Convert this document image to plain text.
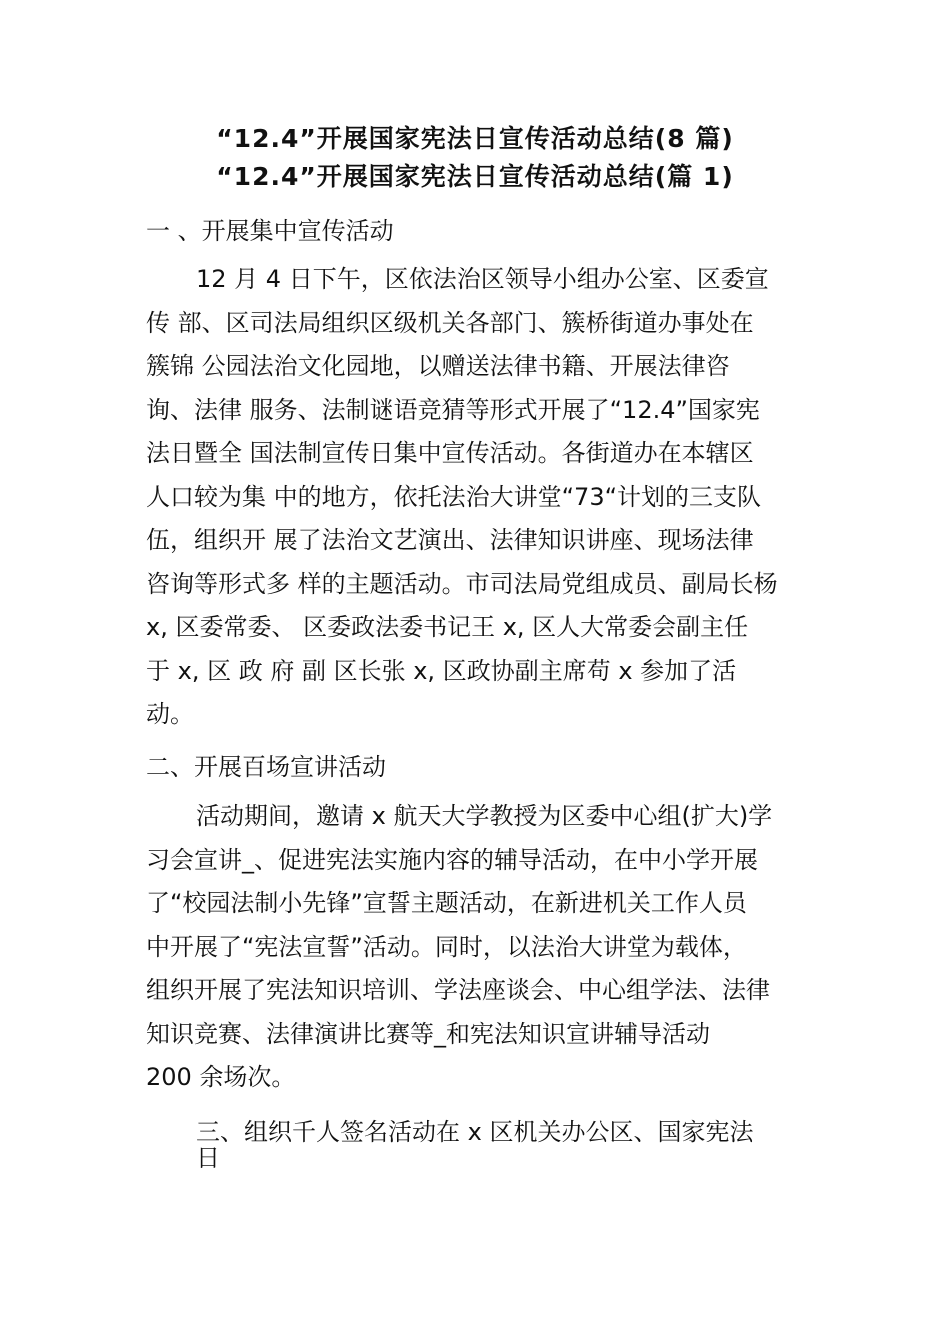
“12.4”开展国家宪法日宣传活动总结(8 篇)
“12.4”开展国家宪法日宣传活动总结(篇 1)
一 、开展集中宣传活动
12 月 4 日下午，区依法治区领导小组办公室、区委宣
传 部、区司法局组织区级机关各部门、簇桥街道办事处在
簇锦 公园法治文化园地，以赠送法律书籍、开展法律咨
询、法律 服务、法制谜语竞猜等形式开展了“12.4”国家宪
法日暨全 国法制宣传日集中宣传活动。各街道办在本辖区
人口较为集 中的地方，依托法治大讲堂“73“计划的三支队
伍，组织开 展了法治文艺演出、法律知识讲座、现场法律
咨询等形式多 样的主题活动。市司法局党组成员、副局长杨
x, 区委常委、 区委政法委书记王 x, 区人大常委会副主任
于 x, 区 政 府 副 区长张 x, 区政协副主席苟 x 参加了活
动。
二、开展百场宣讲活动
活动期间，邀请 x 航天大学教授为区委中心组(扩大)学
习会宣讲_、促进宪法实施内容的辅导活动，在中小学开展
了“校园法制小先锋”宣誓主题活动，在新进机关工作人员
中开展了“宪法宣誓”活动。同时，以法治大讲堂为载体，
组织开展了宪法知识培训、学法座谈会、中心组学法、法律
知识竞赛、法律演讲比赛等_和宪法知识宣讲辅导活动
200 余场次。
三、组织千人签名活动在 x 区机关办公区、国家宪法
日
